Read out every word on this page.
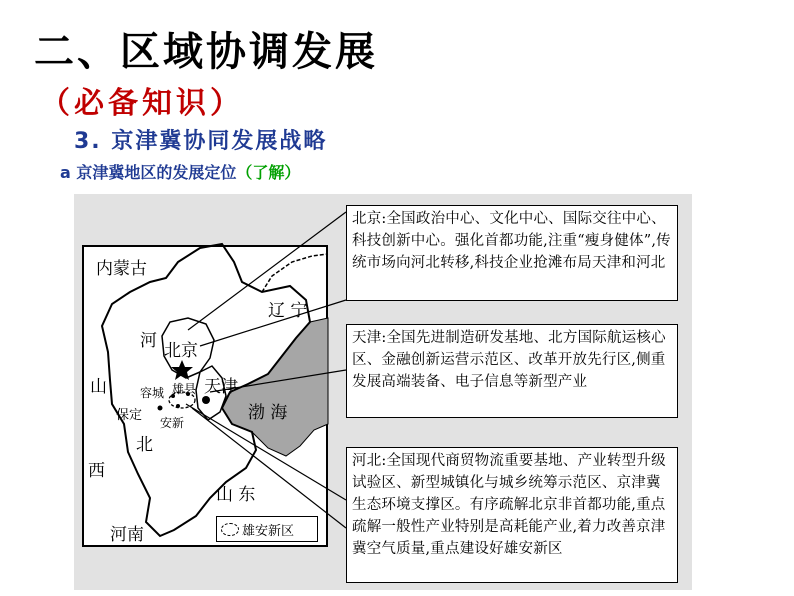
二、区域协调发展
（必备知识）
3. 京津冀协同发展战略
a 京津冀地区的发展定位（了解）
内蒙古
辽 宁
河
山
北
西
北京
天津
渤 海
保定
容城 雄县
安新
山 东
河南	雄安新区
北京:全国政治中心、文化中心、国际交往中心、科技创新中心。强化首都功能,注重“瘦身健体”,传统市场向河北转移,科技企业抢滩布局天津和河北
天津:全国先进制造研发基地、北方国际航运核心区、金融创新运营示范区、改革开放先行区,侧重发展高端装备、电子信息等新型产业
河北:全国现代商贸物流重要基地、产业转型升级试验区、新型城镇化与城乡统筹示范区、京津冀生态环境支撑区。有序疏解北京非首都功能,重点疏解一般性产业特别是高耗能产业,着力改善京津冀空气质量,重点建设好雄安新区
